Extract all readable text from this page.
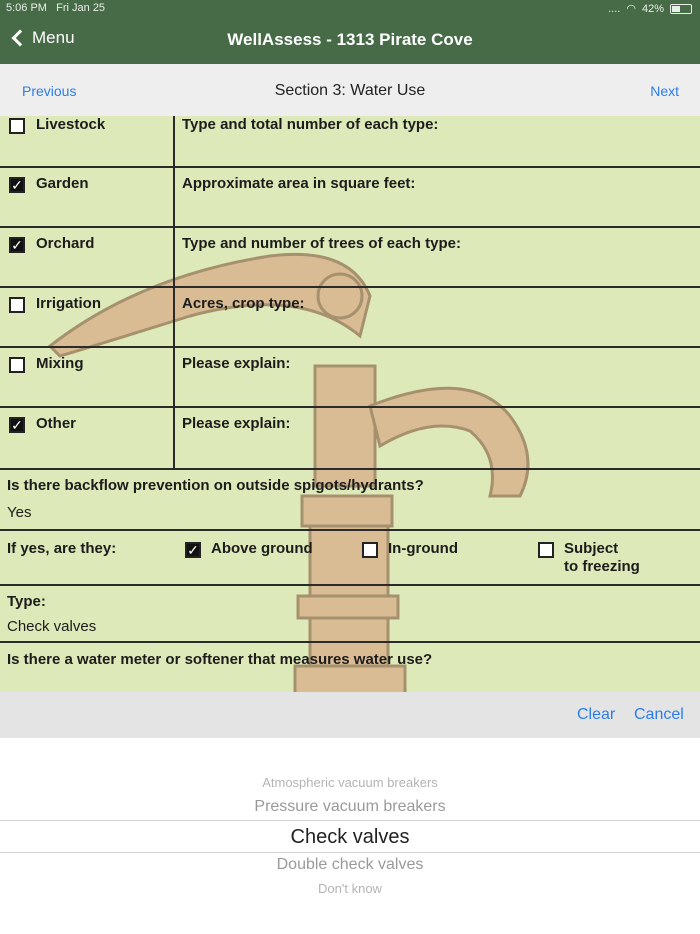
5:06 PM Fri Jan 25	.... ◠ 42%
Menu	WellAssess - 1313 Pirate Cove
Previous	Section 3: Water Use	Next
Livestock	Type and total number of each type:
✓ Garden	Approximate area in square feet:
✓ Orchard	Type and number of trees of each type:
Irrigation	Acres, crop type:
Mixing	Please explain:
✓ Other	Please explain:
Is there backflow prevention on outside spigots/hydrants?
Yes
If yes, are they:	✓ Above ground	In-ground	Subject
to freezing
Type:
Check valves
Is there a water meter or softener that measures water use?
Clear Cancel
Atmospheric vacuum breakers
Pressure vacuum breakers
Check valves
Double check valves
Don't know
